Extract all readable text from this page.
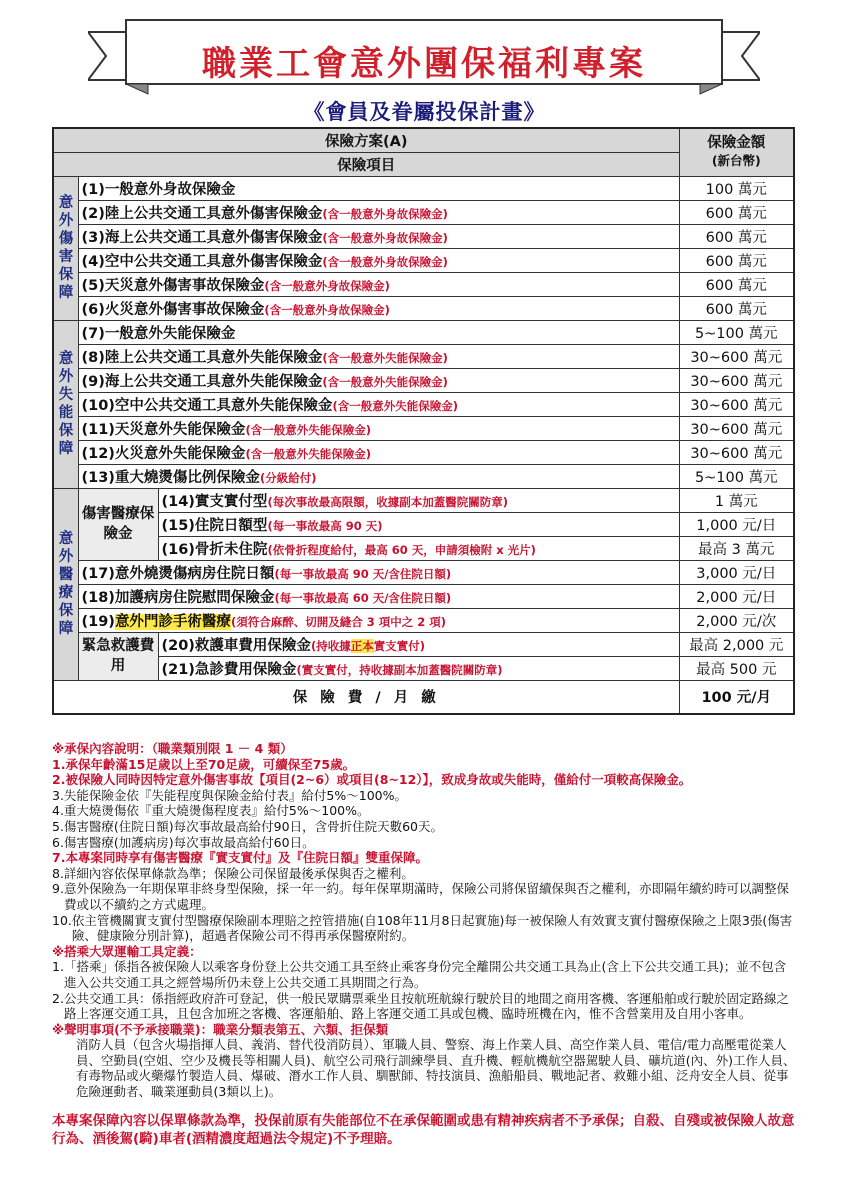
職業工會意外團保福利專案
《會員及眷屬投保計畫》
保險方案(A)			保險金額
(新台幣)

保險項目			

意外傷害保障	(1)一般意外身故保險金		100 萬元
	(2)陸上公共交通工具意外傷害保險金(含一般意外身故保險金)		600 萬元
	(3)海上公共交通工具意外傷害保險金(含一般意外身故保險金)		600 萬元
	(4)空中公共交通工具意外傷害保險金(含一般意外身故保險金)		600 萬元
	(5)天災意外傷害事故保險金(含一般意外身故保險金)		600 萬元
	(6)火災意外傷害事故保險金(含一般意外身故保險金)		600 萬元

意外失能保障	(7)一般意外失能保險金		5~100 萬元
	(8)陸上公共交通工具意外失能保險金(含一般意外失能保險金)		30~600 萬元
	(9)海上公共交通工具意外失能保險金(含一般意外失能保險金)		30~600 萬元
	(10)空中公共交通工具意外失能保險金(含一般意外失能保險金)		30~600 萬元
	(11)天災意外失能保險金(含一般意外失能保險金)		30~600 萬元
	(12)火災意外失能保險金(含一般意外失能保險金)		30~600 萬元
	(13)重大燒燙傷比例保險金(分級給付)		5~100 萬元

意外醫療保障	傷害醫療保險金	(14)實支實付型(每次事故最高限額，收據副本加蓋醫院關防章)	1 萬元
		(15)住院日額型(每一事故最高 90 天)	1,000 元/日
		(16)骨折未住院(依骨折程度給付，最高 60 天，申請須檢附 x 光片)	最高 3 萬元
	(17)意外燒燙傷病房住院日額(每一事故最高 90 天/含住院日額)		3,000 元/日
	(18)加護病房住院慰問保險金(每一事故最高 60 天/含住院日額)		2,000 元/日
	(19)意外門診手術醫療(須符合麻醉、切開及縫合 3 項中之 2 項)		2,000 元/次
	緊急救護費用	(20)救護車費用保險金(持收據正本實支實付)	最高 2,000 元
		(21)急診費用保險金(實支實付，持收據副本加蓋醫院關防章)	最高 500 元
保 險 費 / 月 繳			100 元/月
※承保內容說明：（職業類別限 1 － 4 類）
1.承保年齡滿15足歲以上至70足歲，可續保至75歲。
2.被保險人同時因特定意外傷害事故【項目(2~6）或項目(8~12）】，致成身故或失能時，僅給付一項較高保險金。
3.失能保險金依『失能程度與保險金給付表』給付5%～100%。
4.重大燒燙傷依『重大燒燙傷程度表』給付5%～100%。
5.傷害醫療(住院日額)每次事故最高給付90日，含骨折住院天數60天。
6.傷害醫療(加護病房)每次事故最高給付60日。
7.本專案同時享有傷害醫療『實支實付』及『住院日額』雙重保障。
8.詳細內容依保單條款為準；保險公司保留最後承保與否之權利。
9. 意外保險為一年期保單非終身型保險，採一年一約。每年保單期滿時，保險公司將保留續保與否之權利，亦即隔年續約時可以調整保費或以不續約之方式處理。
10. 依主管機關實支實付型醫療保險副本理賠之控管措施(自108年11月8日起實施)每一被保險人有效實支實付醫療保險之上限3張(傷害險、健康險分別計算)，超過者保險公司不得再承保醫療附約。
※搭乘大眾運輸工具定義：
1. 「搭乘」係指各被保險人以乘客身份登上公共交通工具至終止乘客身份完全離開公共交通工具為止(含上下公共交通工具)；並不包含進入公共交通工具之經營場所仍未登上公共交通工具期間之行為。
2. 公共交通工具：係指經政府許可登記，供一般民眾購票乘坐且按航班航線行駛於目的地間之商用客機、客運船舶或行駛於固定路線之路上客運交通工具，且包含加班之客機、客運船舶、路上客運交通工具或包機、臨時班機在內，惟不含營業用及自用小客車。
※聲明事項(不予承接職業)：職業分類表第五、六類、拒保類
消防人員（包含火場指揮人員、義消、替代役消防員）、軍職人員、警察、海上作業人員、高空作業人員、電信/電力高壓電從業人員、空勤員(空姐、空少及機長等相關人員)、航空公司飛行訓練學員、直升機、輕航機航空器駕駛人員、礦坑道(內、外)工作人員、有毒物品或火藥爆竹製造人員、爆破、潛水工作人員、馴獸師、特技演員、漁船船員、戰地記者、救難小組、泛舟安全人員、從事危險運動者、職業運動員(3類以上)。
本專案保障內容以保單條款為準，投保前原有失能部位不在承保範圍或患有精神疾病者不予承保；自殺、自殘或被保險人故意行為、酒後駕(騎)車者(酒精濃度超過法令規定)不予理賠。
